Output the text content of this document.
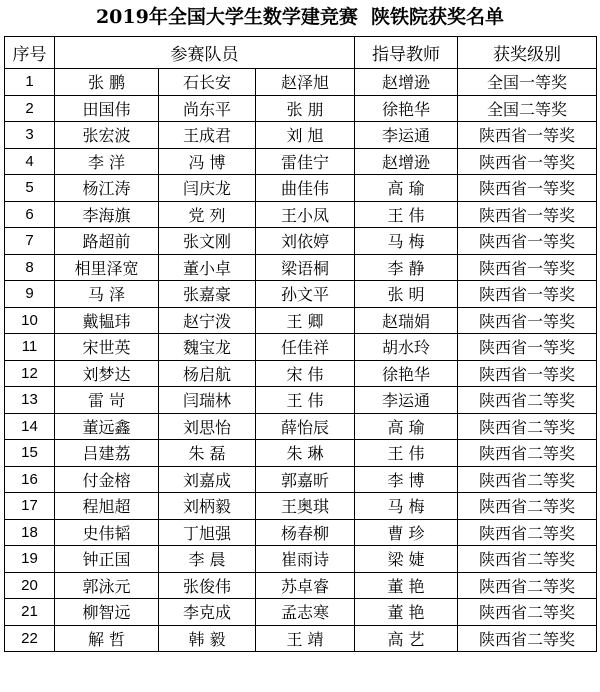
2019年全国大学生数学建竞赛  陕铁院获奖名单
序号	参赛队员			指导教师	获奖级别
1	张 鹏	石长安	赵泽旭	赵增逊	全国一等奖
2	田国伟	尚东平	张 朋	徐艳华	全国二等奖
3	张宏波	王成君	刘 旭	李运通	陕西省一等奖
4	李 洋	冯 博	雷佳宁	赵增逊	陕西省一等奖
5	杨江涛	闫庆龙	曲佳伟	高 瑜	陕西省一等奖
6	李海旗	党 列	王小凤	王 伟	陕西省一等奖
7	路超前	张文刚	刘依婷	马 梅	陕西省一等奖
8	相里泽宽	董小卓	梁语桐	李 静	陕西省一等奖
9	马 泽	张嘉豪	孙文平	张 明	陕西省一等奖
10	戴韫玮	赵宁泼	王 卿	赵瑞娟	陕西省一等奖
11	宋世英	魏宝龙	任佳祥	胡水玲	陕西省一等奖
12	刘梦达	杨启航	宋 伟	徐艳华	陕西省一等奖
13	雷 岢	闫瑞林	王 伟	李运通	陕西省二等奖
14	董远鑫	刘思怡	薛怡辰	高 瑜	陕西省二等奖
15	吕建荔	朱 磊	朱 琳	王 伟	陕西省二等奖
16	付金榕	刘嘉成	郭嘉昕	李 博	陕西省二等奖
17	程旭超	刘柄毅	王奥琪	马 梅	陕西省二等奖
18	史伟韬	丁旭强	杨春柳	曹 珍	陕西省二等奖
19	钟正国	李 晨	崔雨诗	梁 婕	陕西省二等奖
20	郭泳元	张俊伟	苏卓睿	董 艳	陕西省二等奖
21	柳智远	李克成	孟志寒	董 艳	陕西省二等奖
22	解 哲	韩 毅	王 靖	高 艺	陕西省二等奖
